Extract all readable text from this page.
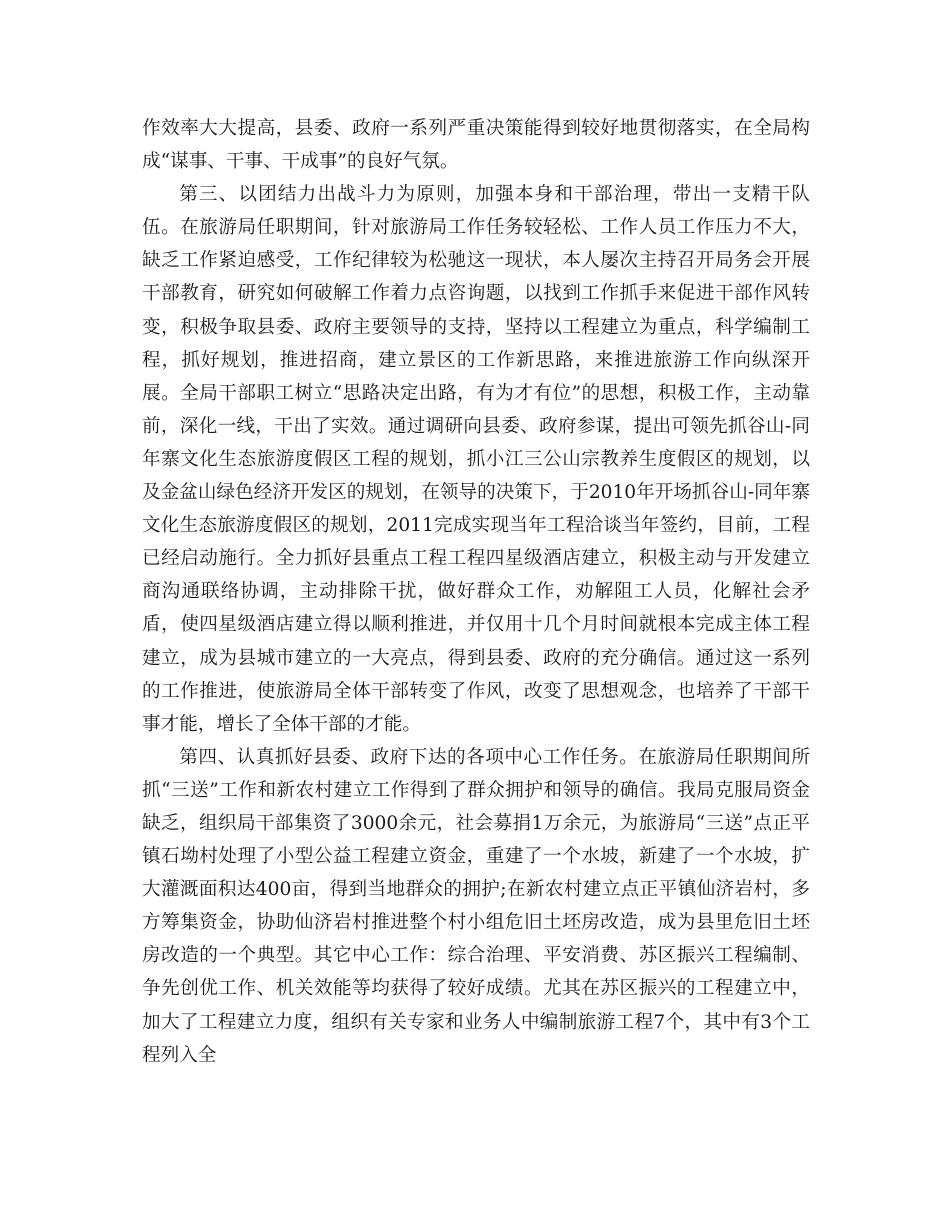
作效率大大提高，县委、政府一系列严重决策能得到较好地贯彻落实，在全局构成“谋事、干事、干成事”的良好气氛。

第三、以团结力出战斗力为原则，加强本身和干部治理，带出一支精干队伍。在旅游局任职期间，针对旅游局工作任务较轻松、工作人员工作压力不大，缺乏工作紧迫感受，工作纪律较为松驰这一现状，本人屡次主持召开局务会开展干部教育，研究如何破解工作着力点咨询题，以找到工作抓手来促进干部作风转变，积极争取县委、政府主要领导的支持，坚持以工程建立为重点，科学编制工程，抓好规划，推进招商，建立景区的工作新思路，来推进旅游工作向纵深开展。全局干部职工树立“思路决定出路，有为才有位”的思想，积极工作，主动靠前，深化一线，干出了实效。通过调研向县委、政府参谋，提出可领先抓谷山-同年寨文化生态旅游度假区工程的规划，抓小江三公山宗教养生度假区的规划，以及金盆山绿色经济开发区的规划，在领导的决策下，于2010年开场抓谷山-同年寨文化生态旅游度假区的规划，2011完成实现当年工程洽谈当年签约，目前，工程已经启动施行。全力抓好县重点工程工程四星级酒店建立，积极主动与开发建立商沟通联络协调，主动排除干扰，做好群众工作，劝解阻工人员，化解社会矛盾，使四星级酒店建立得以顺利推进，并仅用十几个月时间就根本完成主体工程建立，成为县城市建立的一大亮点，得到县委、政府的充分确信。通过这一系列的工作推进，使旅游局全体干部转变了作风，改变了思想观念，也培养了干部干事才能，增长了全体干部的才能。

第四、认真抓好县委、政府下达的各项中心工作任务。在旅游局任职期间所抓“三送”工作和新农村建立工作得到了群众拥护和领导的确信。我局克服局资金缺乏，组织局干部集资了3000余元，社会募捐1万余元，为旅游局“三送”点正平镇石坳村处理了小型公益工程建立资金，重建了一个水坡，新建了一个水坡，扩大灌溉面积达400亩，得到当地群众的拥护;在新农村建立点正平镇仙济岩村，多方筹集资金，协助仙济岩村推进整个村小组危旧土坯房改造，成为县里危旧土坯房改造的一个典型。其它中心工作：综合治理、平安消费、苏区振兴工程编制、争先创优工作、机关效能等均获得了较好成绩。尤其在苏区振兴的工程建立中，加大了工程建立力度，组织有关专家和业务人中编制旅游工程7个，其中有3个工程列入全
